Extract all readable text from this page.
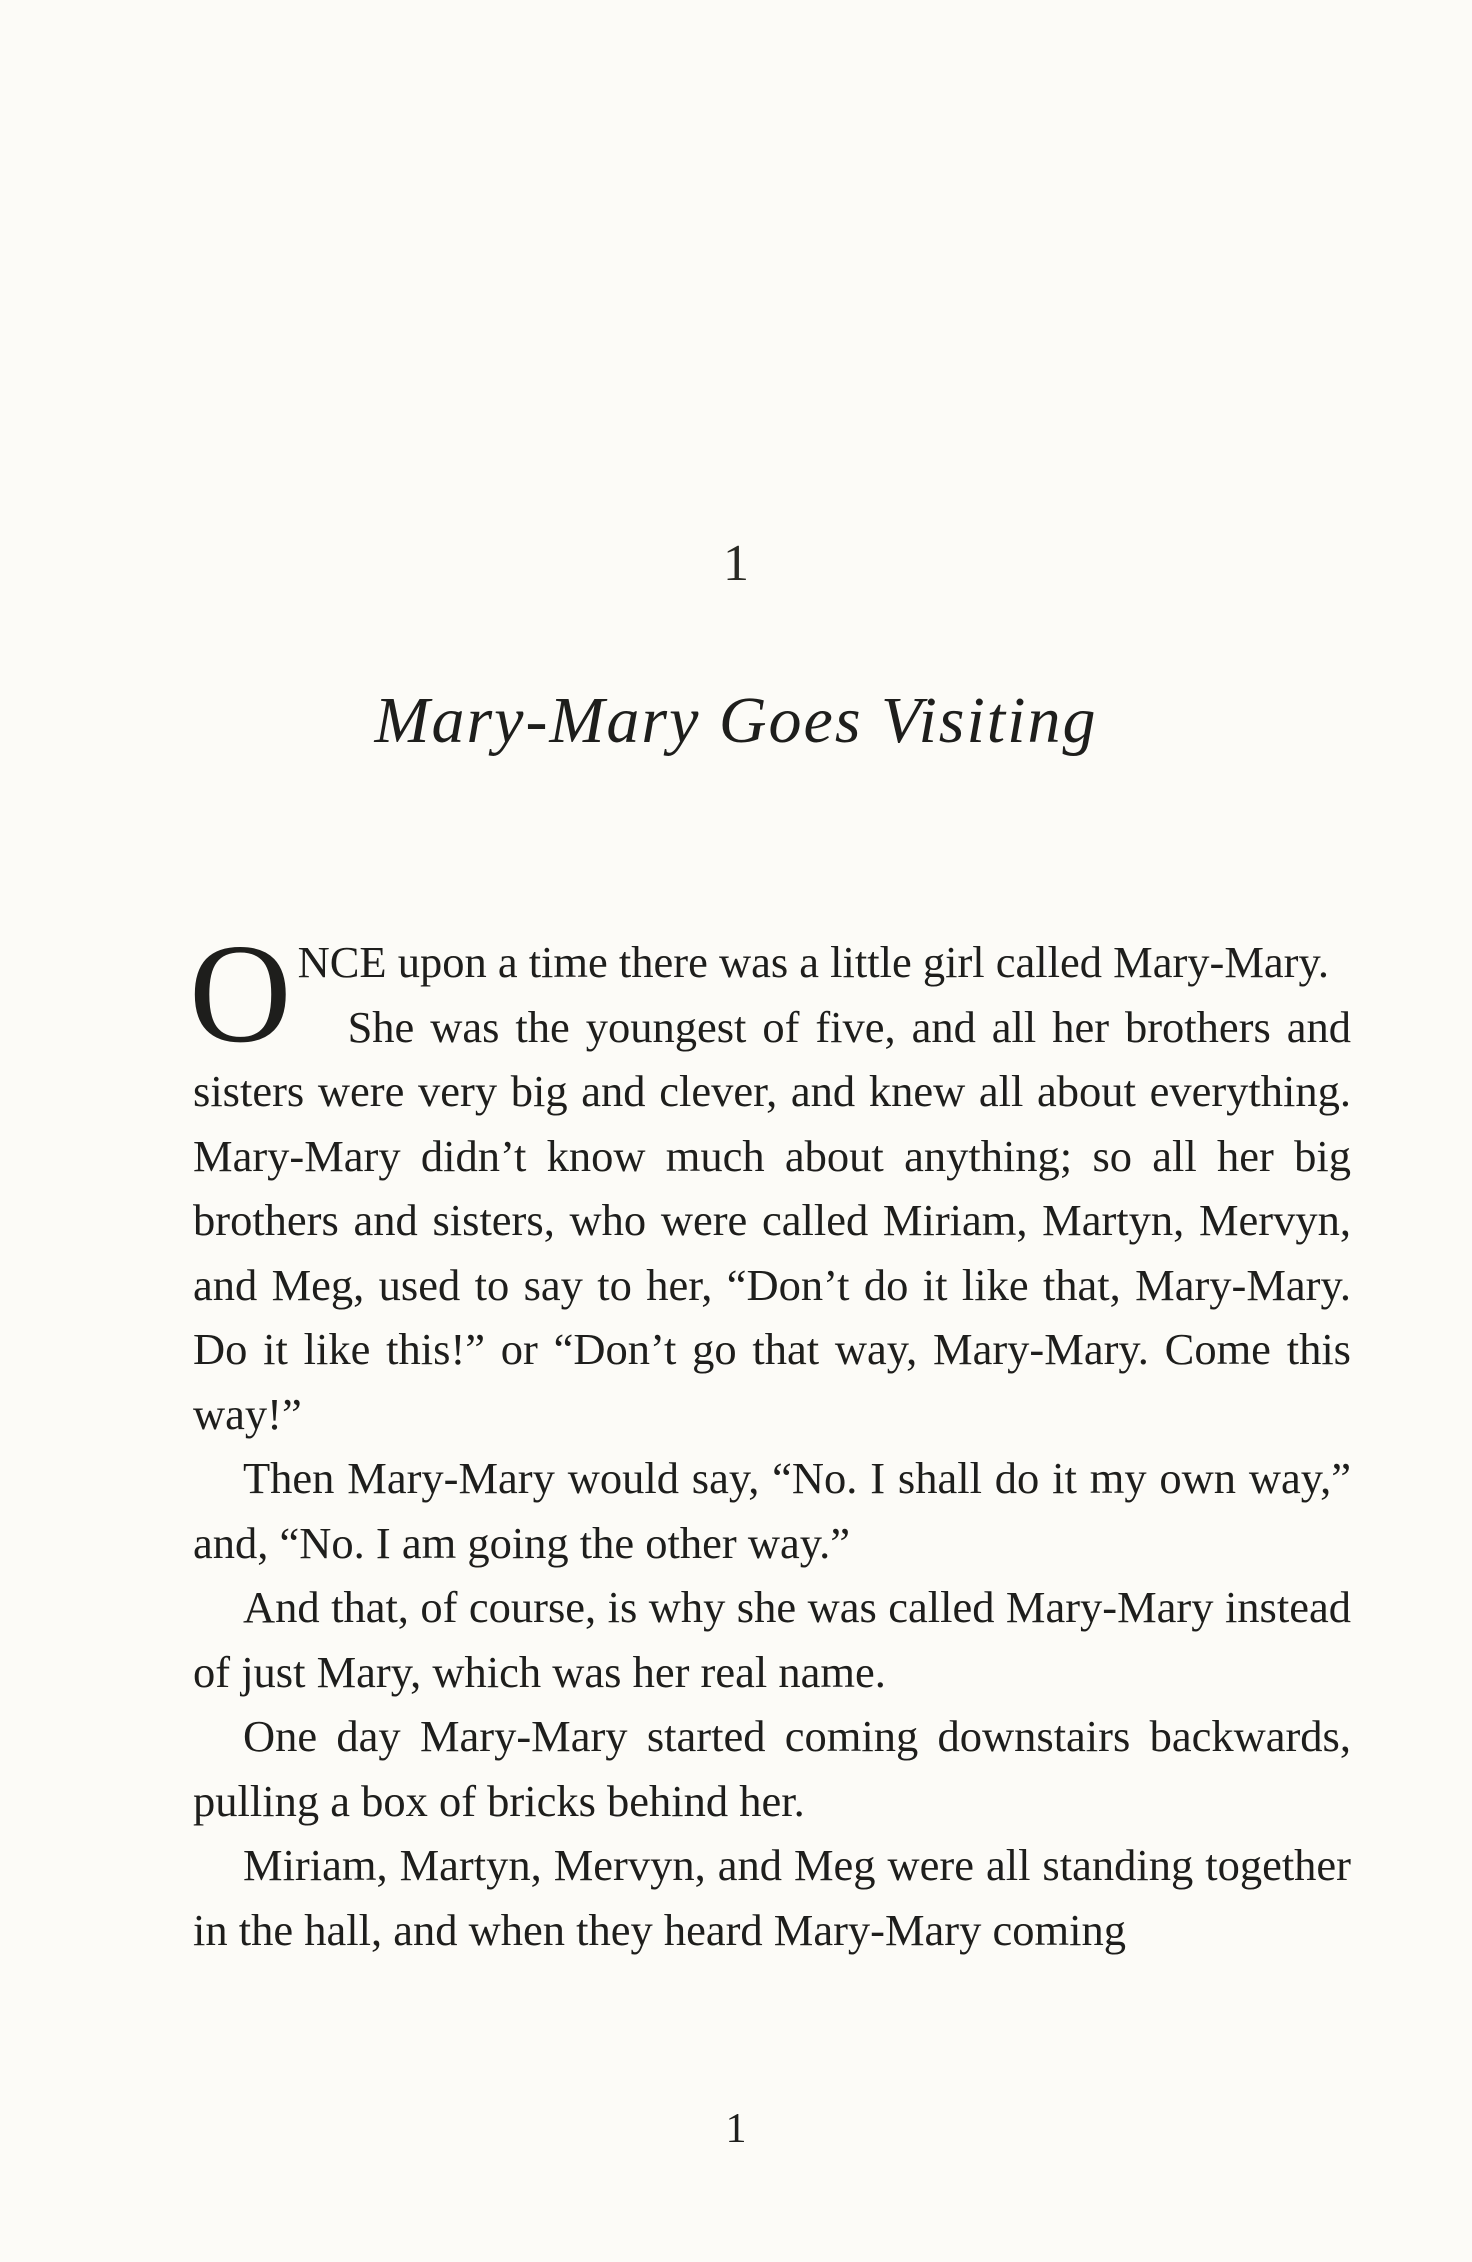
1
Mary-Mary Goes Visiting

ONCE upon a time there was a little girl called Mary-Mary.

She was the youngest of five, and all her brothers and sisters were very big and clever, and knew all about everything. Mary-Mary didn’t know much about anything; so all her big brothers and sisters, who were called Miriam, Martyn, Mervyn, and Meg, used to say to her, “Don’t do it like that, Mary-Mary. Do it like this!” or “Don’t go that way, Mary-Mary. Come this way!”

Then Mary-Mary would say, “No. I shall do it my own way,” and, “No. I am going the other way.”

And that, of course, is why she was called Mary-Mary instead of just Mary, which was her real name.

One day Mary-Mary started coming downstairs backwards, pulling a box of bricks behind her.

Miriam, Martyn, Mervyn, and Meg were all standing together in the hall, and when they heard Mary-Mary coming

1
